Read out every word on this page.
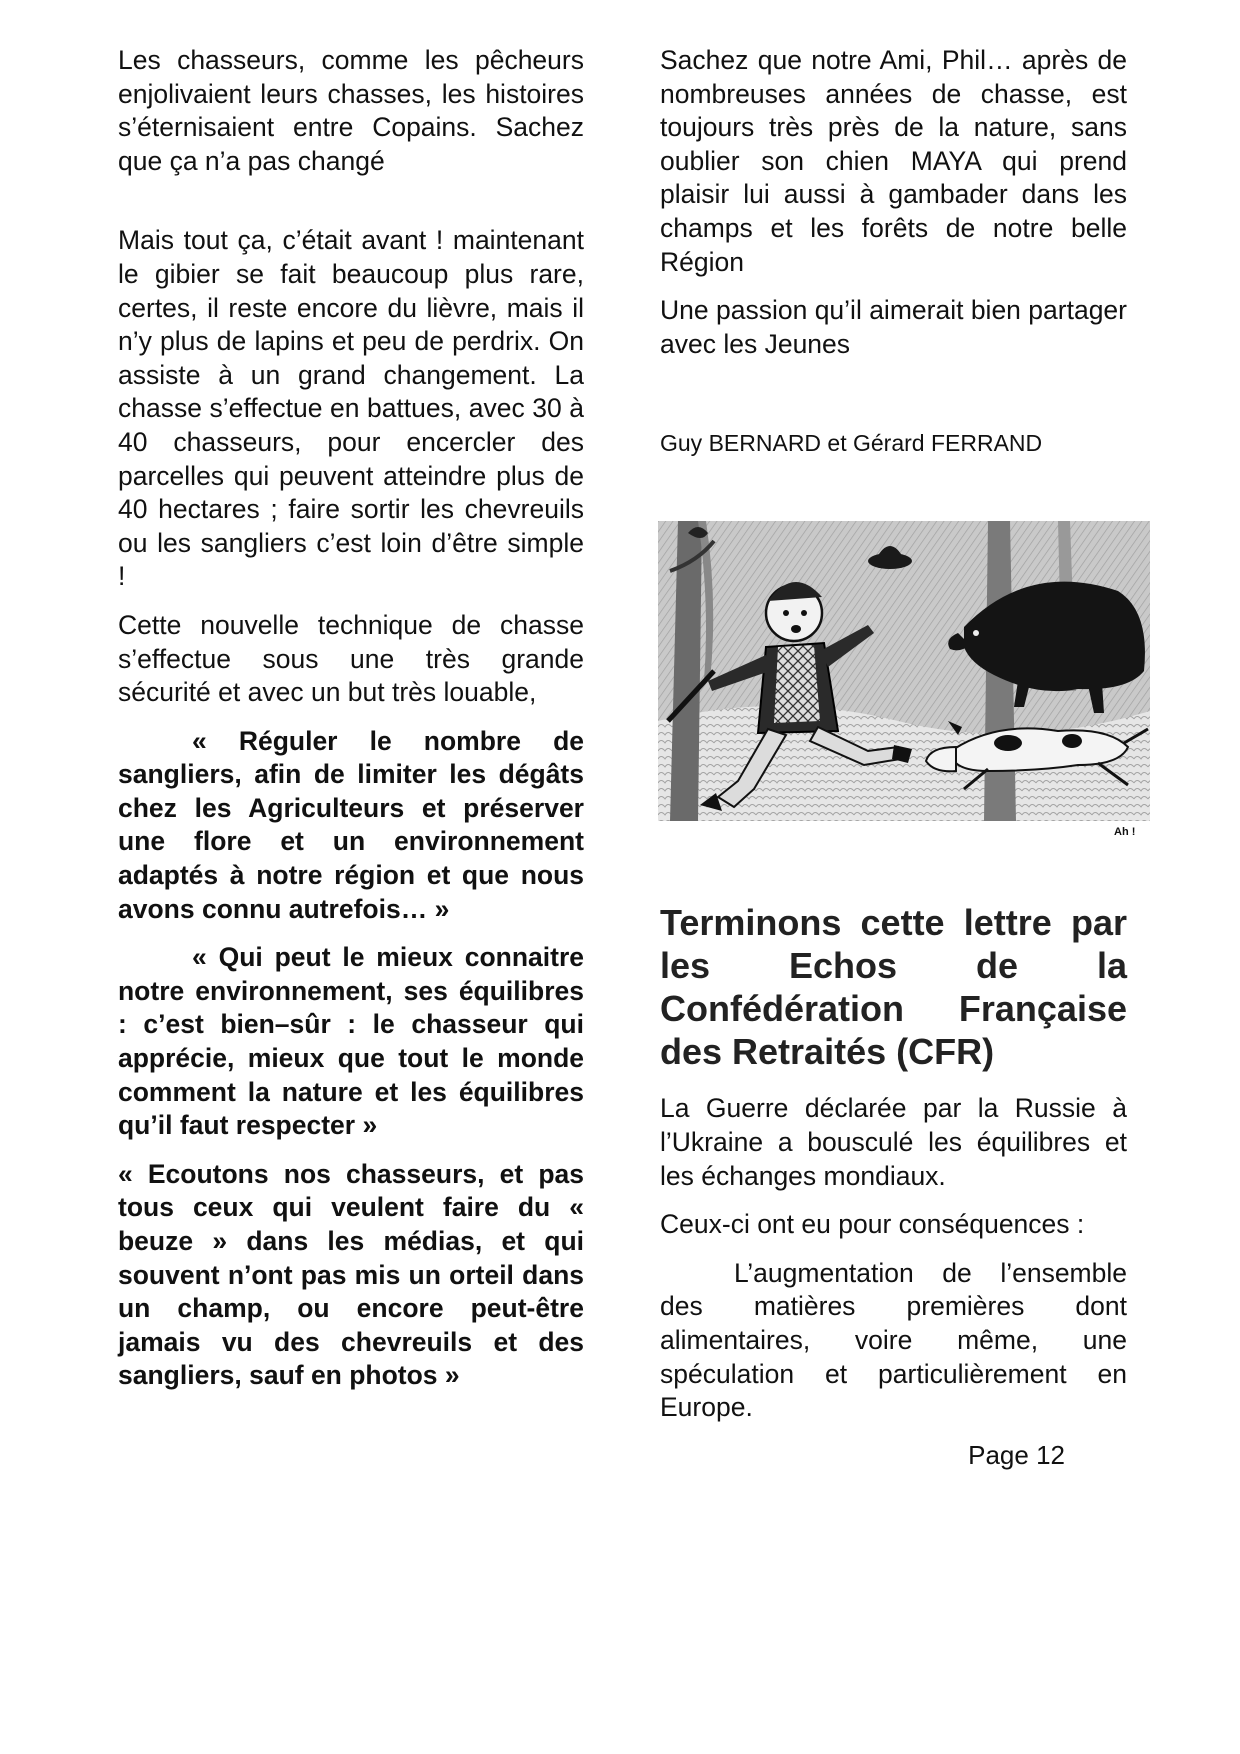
Les chasseurs, comme les pêcheurs enjolivaient leurs chasses, les histoires s’éternisaient entre Copains. Sachez que ça n’a pas changé

Mais tout ça, c’était avant ! maintenant le gibier se fait beaucoup plus rare, certes, il reste encore du lièvre, mais il n’y plus de lapins et peu de perdrix. On assiste à un grand changement. La chasse s’effectue en battues, avec 30 à 40 chasseurs, pour encercler des parcelles qui peuvent atteindre plus de 40 hectares ; faire sortir les chevreuils ou les sangliers c’est loin d’être simple !

Cette nouvelle technique de chasse s’effectue sous une très grande sécurité et avec un but très louable,

« Réguler le nombre de sangliers, afin de limiter les dégâts chez les Agriculteurs et préserver une flore et un environnement adaptés à notre région et que nous avons connu autrefois… »

« Qui peut le mieux connaitre notre environnement, ses équilibres : c’est bien–sûr : le chasseur qui apprécie, mieux que tout le monde comment la nature et les équilibres qu’il faut respecter »

« Ecoutons nos chasseurs, et pas tous ceux qui veulent faire du « beuze » dans les médias, et qui souvent n’ont pas mis un orteil dans un champ, ou encore peut-être jamais vu des chevreuils et des sangliers, sauf en photos »

Sachez que notre Ami, Phil… après de nombreuses années de chasse, est toujours très près de la nature, sans oublier son chien MAYA qui prend plaisir lui aussi à gambader dans les champs et les forêts de notre belle Région

Une passion qu’il aimerait bien partager avec les Jeunes

Guy BERNARD et Gérard FERRAND

Ah !
Terminons cette lettre par les Echos de la Confédération Française des Retraités (CFR)

La Guerre déclarée par la Russie à l’Ukraine a bousculé les équilibres et les échanges mondiaux.

Ceux-ci ont eu pour conséquences :

L’augmentation de l’ensemble des matières premières dont alimentaires, voire même, une spéculation et particulièrement en Europe.

Page 12
